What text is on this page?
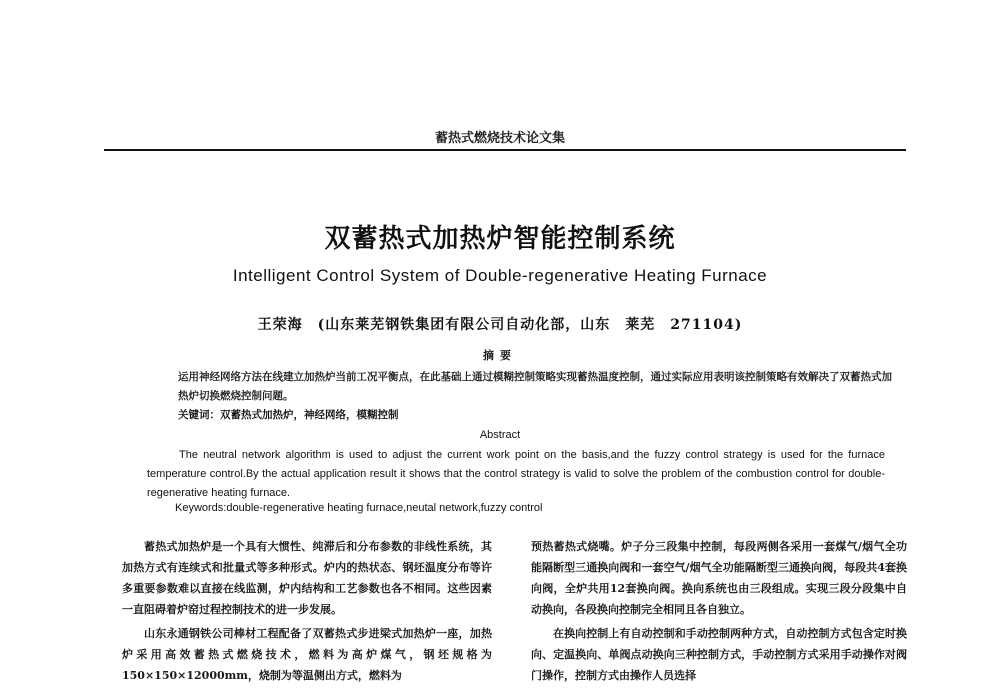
蓄热式燃烧技术论文集
双蓄热式加热炉智能控制系统
Intelligent Control System of Double-regenerative Heating Furnace
王荣海　(山东莱芜钢铁集团有限公司自动化部，山东　莱芜　271104)
摘要
运用神经网络方法在线建立加热炉当前工况平衡点，在此基础上通过模糊控制策略实现蓄热温度控制，通过实际应用表明该控制策略有效解决了双蓄热式加热炉切换燃烧控制问题。
关键词：双蓄热式加热炉，神经网络，模糊控制
Abstract
The neutral network algorithm is used to adjust the current work point on the basis,and the fuzzy control strategy is used for the furnace temperature control.By the actual application result it shows that the control strategy is valid to solve the problem of the combustion control for double-regenerative heating furnace.
Keywords:double-regenerative heating furnace,neutal network,fuzzy control

蓄热式加热炉是一个具有大惯性、纯滞后和分布参数的非线性系统，其加热方式有连续式和批量式等多种形式。炉内的热状态、钢坯温度分布等许多重要参数难以直接在线监测，炉内结构和工艺参数也各不相同。这些因素一直阻碍着炉窑过程控制技术的进一步发展。

山东永通钢铁公司棒材工程配备了双蓄热式步进梁式加热炉一座，加热炉采用高效蓄热式燃烧技术，燃料为高炉煤气，钢坯规格为150×150×12000mm，烧制为等温侧出方式，燃料为

预热蓄热式烧嘴。炉子分三段集中控制，每段两侧各采用一套煤气/烟气全功能隔断型三通换向阀和一套空气/烟气全功能隔断型三通换向阀，每段共4套换向阀，全炉共用12套换向阀。换向系统也由三段组成。实现三段分段集中自动换向，各段换向控制完全相同且各自独立。

在换向控制上有自动控制和手动控制两种方式，自动控制方式包含定时换向、定温换向、单阀点动换向三种控制方式，手动控制方式采用手动操作对阀门操作，控制方式由操作人员选择
